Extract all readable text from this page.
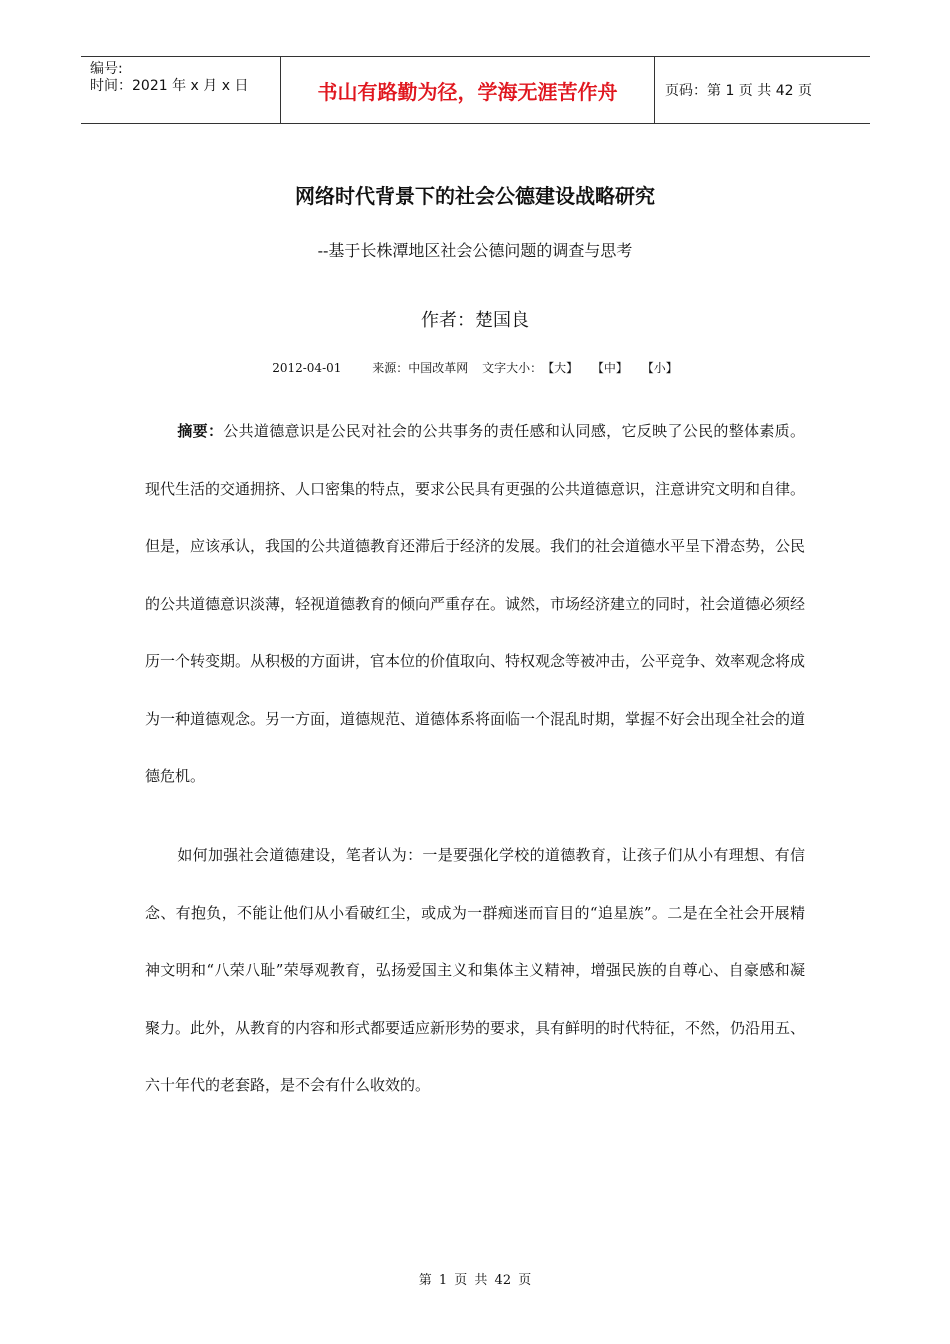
编号:
时间：2021 年 x 月 x 日	书山有路勤为径，学海无涯苦作舟	页码：第 1 页 共 42 页
网络时代背景下的社会公德建设战略研究
--基于长株潭地区社会公德问题的调查与思考
作者：楚国良
2012-04-01	来源：中国改革网 文字大小： 【大】 【中】 【小】
摘要：公共道德意识是公民对社会的公共事务的责任感和认同感，它反映了公民的整体素质。现代生活的交通拥挤、人口密集的特点，要求公民具有更强的公共道德意识，注意讲究文明和自律。但是，应该承认，我国的公共道德教育还滞后于经济的发展。我们的社会道德水平呈下滑态势，公民的公共道德意识淡薄，轻视道德教育的倾向严重存在。诚然，市场经济建立的同时，社会道德必须经历一个转变期。从积极的方面讲，官本位的价值取向、特权观念等被冲击，公平竞争、效率观念将成为一种道德观念。另一方面，道德规范、道德体系将面临一个混乱时期，掌握不好会出现全社会的道德危机。
如何加强社会道德建设，笔者认为：一是要强化学校的道德教育，让孩子们从小有理想、有信念、有抱负，不能让他们从小看破红尘，或成为一群痴迷而盲目的“追星族”。二是在全社会开展精神文明和“八荣八耻”荣辱观教育，弘扬爱国主义和集体主义精神，增强民族的自尊心、自豪感和凝聚力。此外，从教育的内容和形式都要适应新形势的要求，具有鲜明的时代特征，不然，仍沿用五、六十年代的老套路，是不会有什么收效的。
第 1 页 共 42 页
